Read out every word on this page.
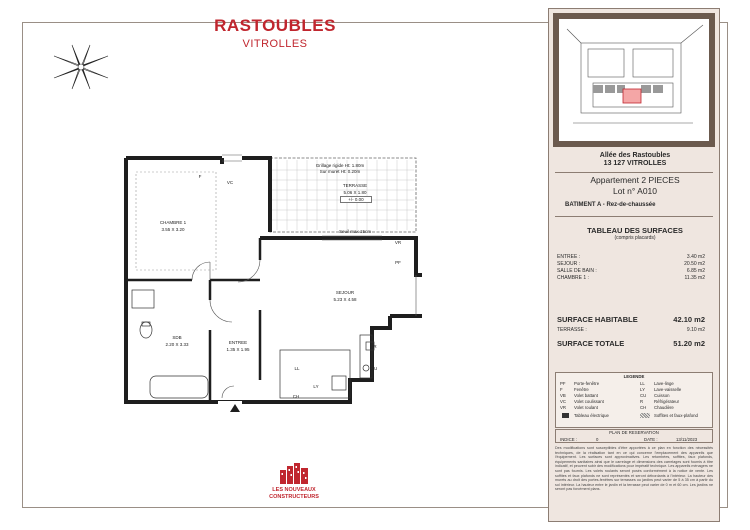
RASTOUBLES
VITROLLES
VC
F
CHAMBRE 1
3.55 X 3.20
Grillage rigide Ht: 1.80m
Sur muret Ht: 0.20m
TERRASSE
5.06 X 1.80
+/- 0.00
Seuil max 15cm
VR
PF
SEJOUR
5.23 X 4.58
SDB
2.20 X 3.33	ENTREE
1.35 X 1.95
R
LL
LY
CU
CH
LES NOUVEAUX
CONSTRUCTEURS
Allée des Rastoubles
13 127 VITROLLES
Appartement 2 PIECES
Lot n° A010
BATIMENT A - Rez-de-chaussée
TABLEAU DES SURFACES
(compris placards)
ENTREE :	3.40 m2
SEJOUR :	20.50 m2
SALLE DE BAIN :	6.85 m2
CHAMBRE 1 :	11.35 m2
SURFACE HABITABLE	42.10 m2
TERRASSE :	9.10 m2
SURFACE TOTALE	51.20 m2
LEGENDE
PF Porte-fenêtre	LL Lave-linge
F	Fenêtre	LY Lave-vaisselle
VB Volet battant	CU Cuisson
VC Volet coulissant	R	Réfrigérateur
VR Volet roulant	CH Chaudière
Tableau électrique	Soffites et faux-plafond
PLAN DE RESERVATION
INDICE :	0	DATE :	13/11/2023
Des modifications sont susceptibles d'être apportées à ce plan en fonction des nécessités techniques, de la réalisation tant en ce qui concerne l'emplacement des appareils que l'équipement. Les surfaces sont approximatives. Les retombées, soffites, faux plafonds, équipements sanitaires ainsi que le carrelage et dimensions des carrelages sont fournis à titre indicatif, et peuvent subir des modifications pour impératif technique. Les appareils ménagers ne sont pas fournis. Les volets roulants seront posés conformément à la notice de vente. Les soffites et faux plafonds ne sont représentés et seront débordants à l'intérieur. La hauteur des murets au droit des portes-fenêtres sur terrasses ou jardins peut varier de 5 à 35 cm à partir du sol intérieur. La hauteur entre le jardin et la terrasse peut varier de 0 m et 60 cm. Les jardins ne seront pas forcément plans.
